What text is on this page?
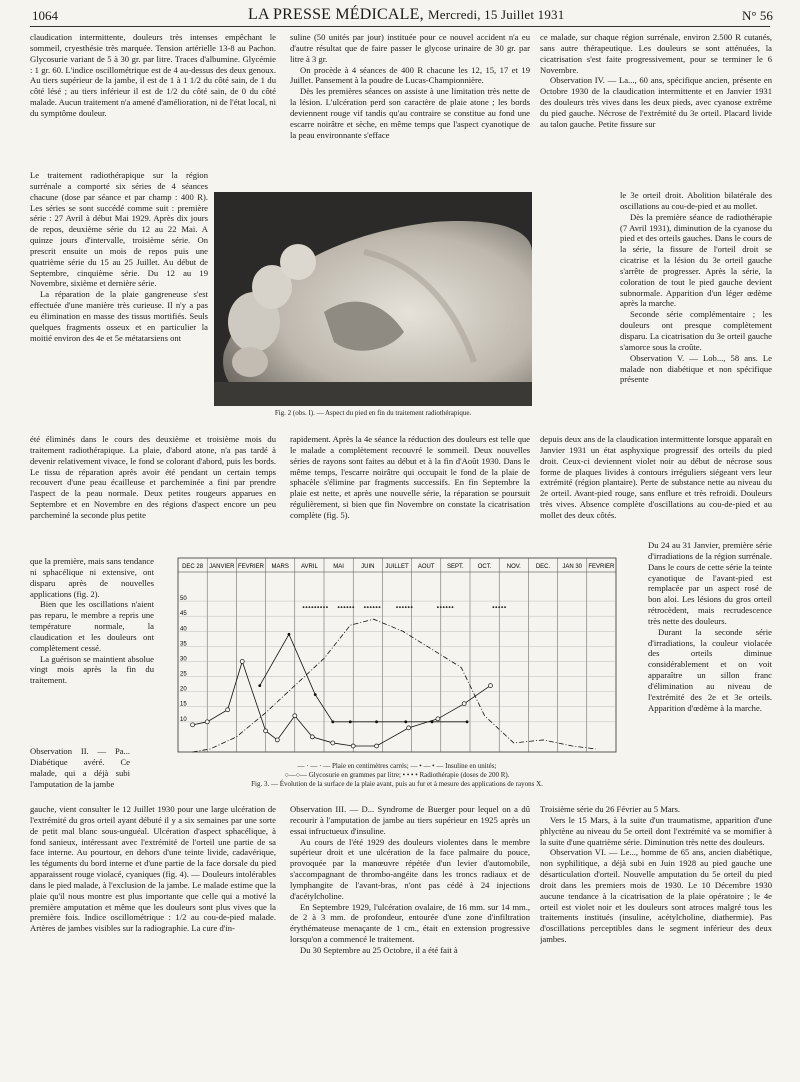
1064	LA PRESSE MÉDICALE, Mercredi, 15 Juillet 1931	N° 56

claudication intermittente, douleurs très intenses empêchant le sommeil, cryesthésie très marquée. Tension artérielle 13-8 au Pachon. Glycosurie variant de 5 à 30 gr. par litre. Traces d'albumine. Glycémie : 1 gr. 60. L'indice oscillométrique est de 4 au-dessus des deux genoux. Au tiers supérieur de la jambe, il est de 1 à 1 1/2 du côté sain, de 1 du côté lésé ; au tiers inférieur il est de 1/2 du côté sain, de 0 du côté malade. Aucun traitement n'a amené d'amélioration, ni de l'état local, ni du symptôme douleur.

Le traitement radiothérapique sur la région surrénale a comporté six séries de 4 séances chacune (dose par séance et par champ : 400 R). Les séries se sont succédé comme suit : première série : 27 Avril à début Mai 1929. Après dix jours de repos, deuxième série du 12 au 22 Mai. A quinze jours d'intervalle, troisième série. On prescrit ensuite un mois de repos puis une quatrième série du 15 au 25 Juillet. Au début de Septembre, cinquième série. Du 12 au 19 Novembre, sixième et dernière série.

La réparation de la plaie gangreneuse s'est effectuée d'une manière très curieuse. Il n'y a pas eu élimination en masse des tissus mortifiés. Seuls quelques fragments osseux et en particulier la moitié environ des 4e et 5e métatarsiens ont

été éliminés dans le cours des deuxième et troisième mois du traitement radiothérapique. La plaie, d'abord atone, n'a pas tardé à devenir relativement vivace, le fond se colorant d'abord, puis les bords. Le tissu de réparation après avoir été pendant un certain temps recouvert d'une peau écailleuse et parcheminée a fini par prendre l'aspect de la peau normale. Deux petites rougeurs apparues en Septembre et en Novembre en des régions d'aspect encore un peu parcheminé la seconde plus petite

que la première, mais sans tendance ni sphacélique ni extensive, ont disparu après de nouvelles applications (fig. 2).

Bien que les oscillations n'aient pas reparu, le membre a repris une température normale, la claudication et les douleurs ont complètement cessé.

La guérison se maintient absolue vingt mois après la fin du traitement.

Observation II. — Pa... Diabétique avéré. Ce malade, qui a déjà subi l'amputation de la jambe

gauche, vient consulter le 12 Juillet 1930 pour une large ulcération de l'extrémité du gros orteil ayant débuté il y a six semaines par une sorte de petit mal blanc sous-unguéal. Ulcération d'aspect sphacélique, à fond sanieux, intéressant avec l'extrémité de l'orteil une partie de sa face interne. Au pourtour, en dehors d'une teinte livide, cadavérique, les téguments du bord interne et d'une partie de la face dorsale du pied apparaissent rouge violacé, cyaniques (fig. 4). — Douleurs intolérables dans le pied malade, à l'exclusion de la jambe. Le malade estime que la plaie qu'il nous montre est plus importante que celle qui a motivé la première amputation et même que les douleurs sont plus vives que la première fois. Indice oscillométrique : 1/2 au cou-de-pied malade. Artères de jambes visibles sur la radiographie. La cure d'in-

suline (50 unités par jour) instituée pour ce nouvel accident n'a eu d'autre résultat que de faire passer le glycose urinaire de 30 gr. par litre à 3 gr.

On procède à 4 séances de 400 R chacune les 12, 15, 17 et 19 Juillet. Pansement à la poudre de Lucas-Championnière.

Dès les premières séances on assiste à une limitation très nette de la lésion. L'ulcération perd son caractère de plaie atone ; les bords deviennent rouge vif tandis qu'au contraire se constitue au fond une escarre noirâtre et sèche, en même temps que l'aspect cyanotique de la peau environnante s'efface

Fig. 2 (obs. I). — Aspect du pied en fin du traitement radiothérapique.

rapidement. Après la 4e séance la réduction des douleurs est telle que le malade a complètement recouvré le sommeil. Deux nouvelles séries de rayons sont faites au début et à la fin d'Août 1930. Dans le même temps, l'escarre noirâtre qui occupait le fond de la plaie de sphacèle s'élimine par fragments successifs. En fin Septembre la plaie est nette, et après une nouvelle série, la réparation se poursuit régulièrement, si bien que fin Novembre on constate la cicatrisation complète (fig. 5).

DEC 28 JANVIER FEVRIER MARS AVRIL	MAI	JUIN JUILLET AOUT SEPT. OCT.	NOV. DEC. JAN 30 FEVRIER
10
15
20
25
30
35
40
45
50
— · — · — Plaie en centimètres carrés; — • — • — Insuline en unités;
○—○— Glycosurie en grammes par litre; • • • • Radiothérapie (doses de 200 R).
Fig. 3. — Évolution de la surface de la plaie avant, puis au fur et à mesure des applications de rayons X.

Observation III. — D... Syndrome de Buerger pour lequel on a dû recourir à l'amputation de jambe au tiers supérieur en 1925 après un essai infructueux d'insuline.

Au cours de l'été 1929 des douleurs violentes dans le membre supérieur droit et une ulcération de la face palmaire du pouce, provoquée par la manœuvre répétée d'un levier d'automobile, s'accompagnant de thrombo-angéite dans les troncs radiaux et de lymphangite de l'avant-bras, n'ont pas cédé à 24 injections d'acétylcholine.

En Septembre 1929, l'ulcération ovalaire, de 16 mm. sur 14 mm., de 2 à 3 mm. de profondeur, entourée d'une zone d'infiltration érythémateuse menaçante de 1 cm., était en extension progressive lorsqu'on a commencé le traitement.

Du 30 Septembre au 25 Octobre, il a été fait à

ce malade, sur chaque région surrénale, environ 2.500 R cutanés, sans autre thérapeutique. Les douleurs se sont atténuées, la cicatrisation s'est faite progressivement, pour se terminer le 6 Novembre.

Observation IV. — La..., 60 ans, spécifique ancien, présente en Octobre 1930 de la claudication intermittente et en Janvier 1931 des douleurs très vives dans les deux pieds, avec cyanose extrême du pied gauche. Nécrose de l'extrémité du 3e orteil. Placard livide au talon gauche. Petite fissure sur

le 3e orteil droit. Abolition bilatérale des oscillations au cou-de-pied et au mollet.

Dès la première séance de radiothérapie (7 Avril 1931), diminution de la cyanose du pied et des orteils gauches. Dans le cours de la série, la fissure de l'orteil droit se cicatrise et la lésion du 3e orteil gauche s'arrête de progresser. Après la série, la coloration de tout le pied gauche devient subnormale. Apparition d'un léger œdème après la marche.

Seconde série complémentaire ; les douleurs ont presque complètement disparu. La cicatrisation du 3e orteil gauche s'amorce sous la croûte.

Observation V. — Lob..., 58 ans. Le malade non diabétique et non spécifique présente

depuis deux ans de la claudication intermittente lorsque apparaît en Janvier 1931 un état asphyxique progressif des orteils du pied droit. Ceux-ci deviennent violet noir au début de nécrose sous forme de plaques livides à contours irréguliers siégeant vers leur extrémité (région plantaire). Perte de substance nette au niveau du 2e orteil. Avant-pied rouge, sans enflure et très refroidi. Douleurs très vives. Absence complète d'oscillations au cou-de-pied et au mollet des deux côtés.

Du 24 au 31 Janvier, première série d'irradiations de la région surrénale. Dans le cours de cette série la teinte cyanotique de l'avant-pied est remplacée par un aspect rosé de bon aloi. Les lésions du gros orteil rétrocèdent, mais recrudescence très nette des douleurs.

Durant la seconde série d'irradiations, la couleur violacée des orteils diminue considérablement et on voit apparaître un sillon franc d'élimination au niveau de l'extrémité des 2e et 3e orteils. Apparition d'œdème à la marche.

Troisième série du 26 Février au 5 Mars.

Vers le 15 Mars, à la suite d'un traumatisme, apparition d'une phlyctène au niveau du 5e orteil dont l'extrémité va se momifier à la suite d'une quatrième série. Diminution très nette des douleurs.

Observation VI. — Le..., homme de 65 ans, ancien diabétique, non syphilitique, a déjà subi en Juin 1928 au pied gauche une désarticulation d'orteil. Nouvelle amputation du 5e orteil du pied droit dans les premiers mois de 1930. Le 10 Décembre 1930 aucune tendance à la cicatrisation de la plaie opératoire ; le 4e orteil est violet noir et les douleurs sont atroces malgré tous les traitements institués (insuline, acétylcholine, diathermie). Pas d'oscillations perceptibles dans le segment inférieur des deux jambes.
